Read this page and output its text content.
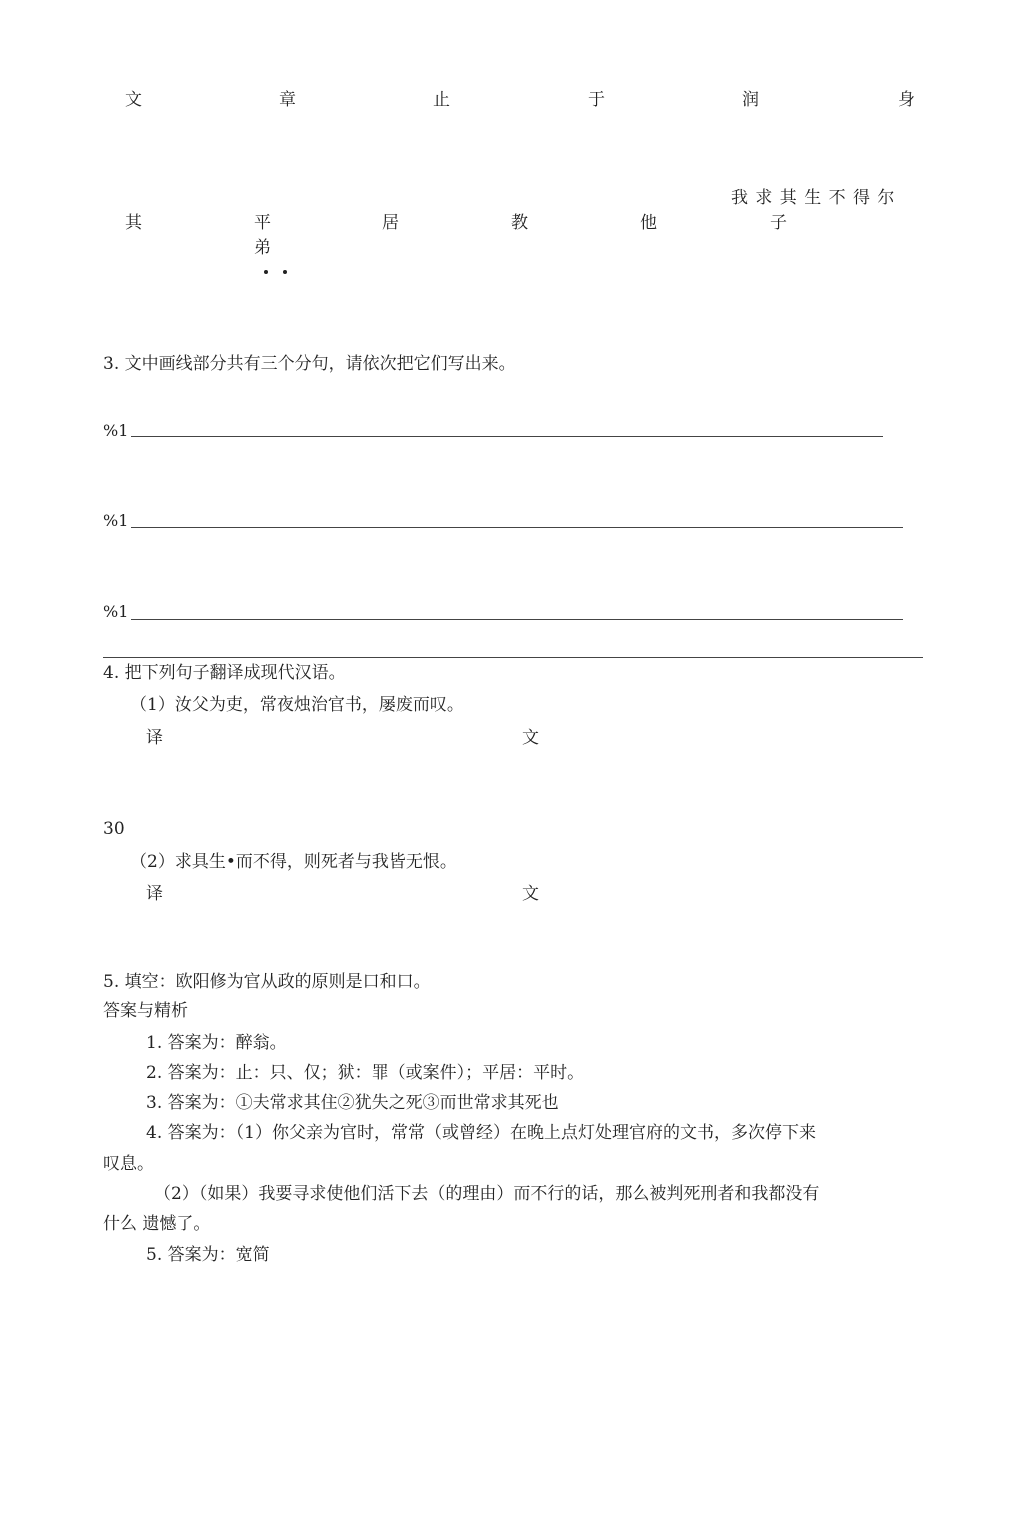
文	章	止	于	润	身
我 求 其 生 不 得 尔
其	平	居	教	他	子
弟
3. 文中画线部分共有三个分句，请依次把它们写出来。
%1
%1
%1
4. 把下列句子翻译成现代汉语。
（1）汝父为吏，常夜烛治官书，屡废而叹。
译	文
30
（2）求具生•而不得，则死者与我皆无恨。
译	文
5. 填空：欧阳修为官从政的原则是口和口。
答案与精析
1. 答案为：醉翁。
2. 答案为：止：只、仅；狱：罪（或案件）；平居：平时。
3. 答案为：①夫常求其住②犹失之死③而世常求其死也
4. 答案为：（1）你父亲为官时，常常（或曾经）在晚上点灯处理官府的文书，多次停下来
叹息。
（2）（如果）我要寻求使他们活下去（的理由）而不行的话，那么被判死刑者和我都没有
什么 遗憾了。
5. 答案为：宽简
